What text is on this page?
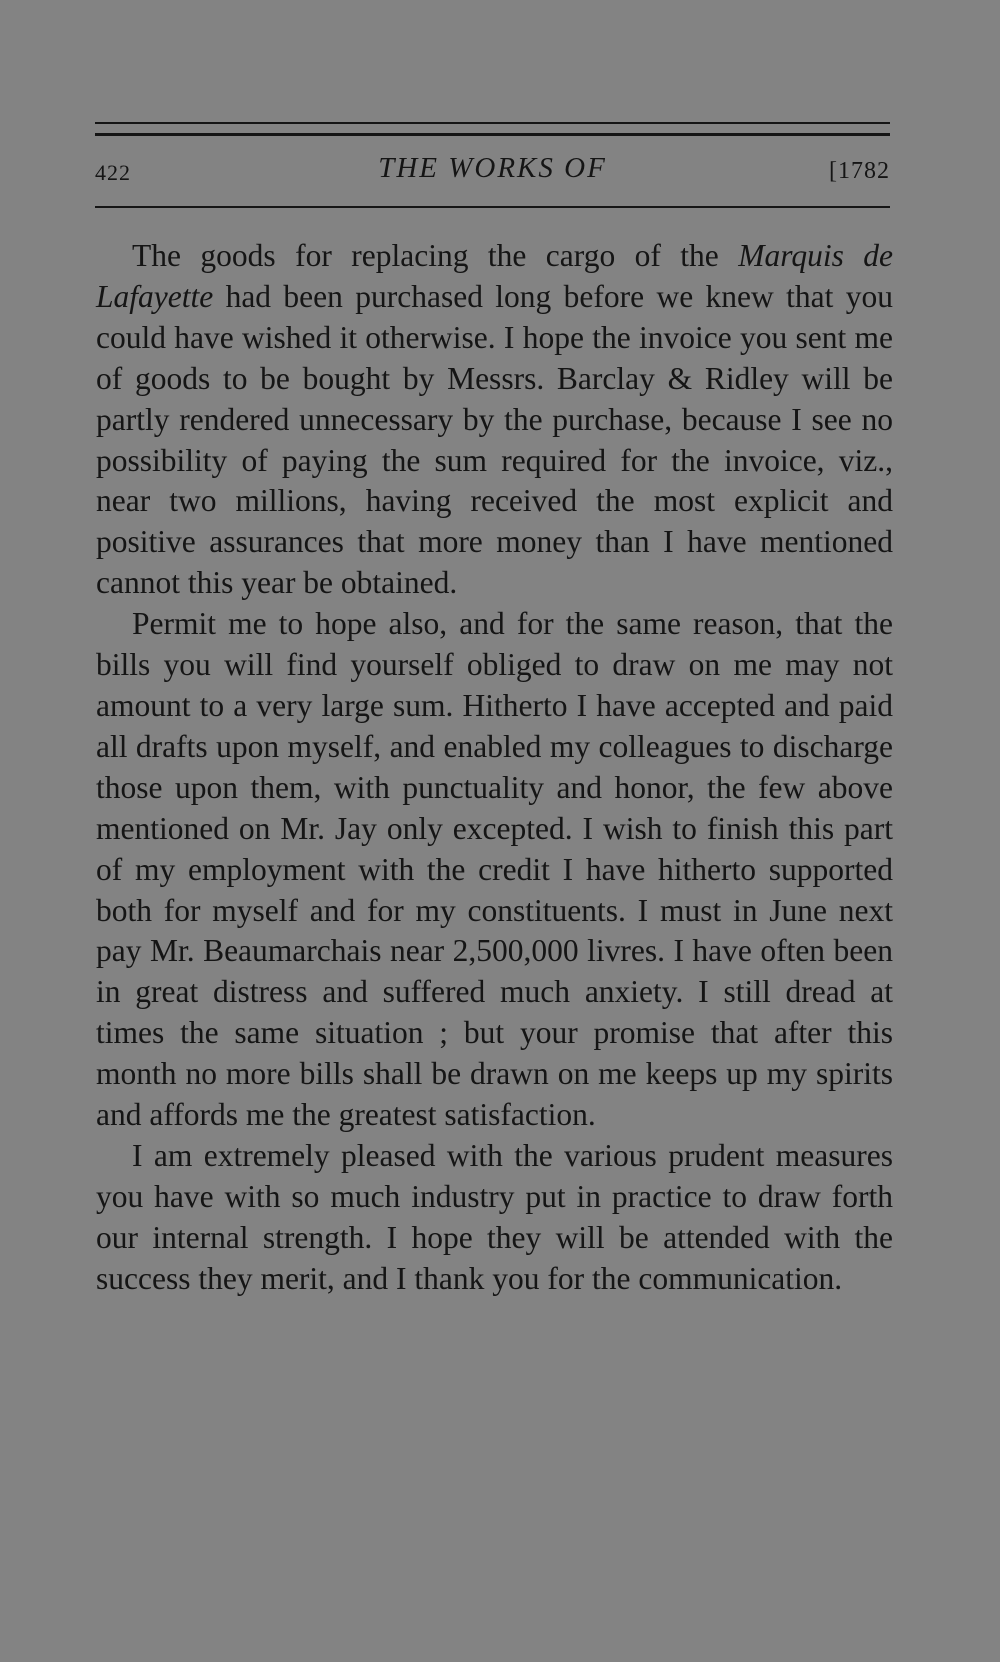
422	THE WORKS OF	[1782

The goods for replacing the cargo of the Marquis de Lafayette had been purchased long before we knew that you could have wished it otherwise. I hope the invoice you sent me of goods to be bought by Messrs. Barclay & Ridley will be partly rendered unnecessary by the purchase, because I see no possibility of paying the sum required for the invoice, viz., near two millions, having received the most explicit and positive assurances that more money than I have mentioned cannot this year be obtained.

Permit me to hope also, and for the same reason, that the bills you will find yourself obliged to draw on me may not amount to a very large sum. Hitherto I have accepted and paid all drafts upon myself, and enabled my colleagues to discharge those upon them, with punctuality and honor, the few above mentioned on Mr. Jay only excepted. I wish to finish this part of my employment with the credit I have hitherto supported both for myself and for my constituents. I must in June next pay Mr. Beaumarchais near 2,500,000 livres. I have often been in great distress and suffered much anxiety. I still dread at times the same situation ; but your promise that after this month no more bills shall be drawn on me keeps up my spirits and affords me the greatest satisfaction.

I am extremely pleased with the various prudent measures you have with so much industry put in practice to draw forth our internal strength. I hope they will be attended with the success they merit, and I thank you for the communication.
